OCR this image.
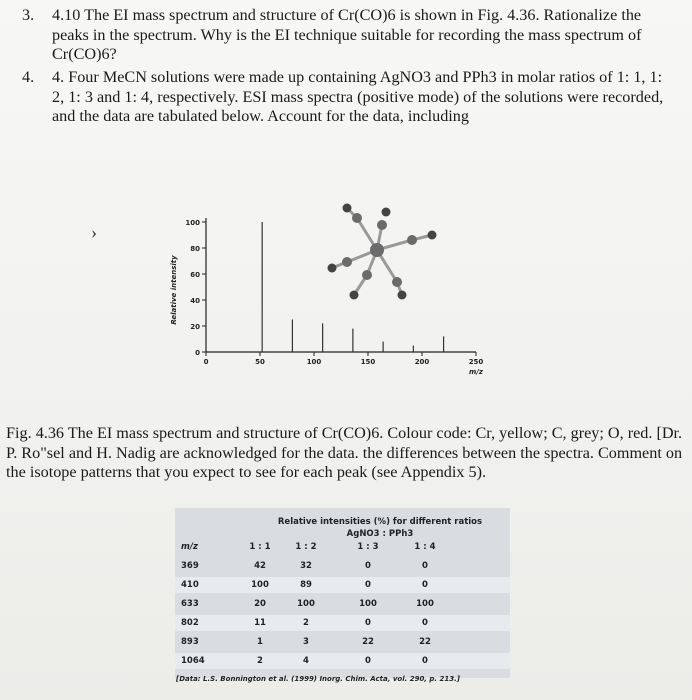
3. 4.10 The EI mass spectrum and structure of Cr(CO)6 is shown in Fig. 4.36. Rationalize the peaks in the spectrum. Why is the EI technique suitable for recording the mass spectrum of Cr(CO)6?
4. 4. Four MeCN solutions were made up containing AgNO3 and PPh3 in molar ratios of 1: 1, 1: 2, 1: 3 and 1: 4, respectively. ESI mass spectra (positive mode) of the solutions were recorded, and the data are tabulated below. Account for the data, including
›
0
20
40
60
80
100
0	50	100	150	200	250
Relative intensity
m/z
Fig. 4.36 The EI mass spectrum and structure of Cr(CO)6. Colour code: Cr, yellow; C, grey; O, red. [Dr. P. Ro"sel and H. Nadig are acknowledged for the data. the differences between the spectra. Comment on the isotope patterns that you expect to see for each peak (see Appendix 5).
Relative intensities (%) for different ratios
AgNO3 : PPh3
m/z	1 : 1	1 : 2	1 : 3	1 : 4
369	42	32	0	0
410	100	89	0	0
633	20	100	100	100
802	11	2	0	0
893	1	3	22	22
1064	2	4	0	0
[Data: L.S. Bonnington et al. (1999) Inorg. Chim. Acta, vol. 290, p. 213.]
